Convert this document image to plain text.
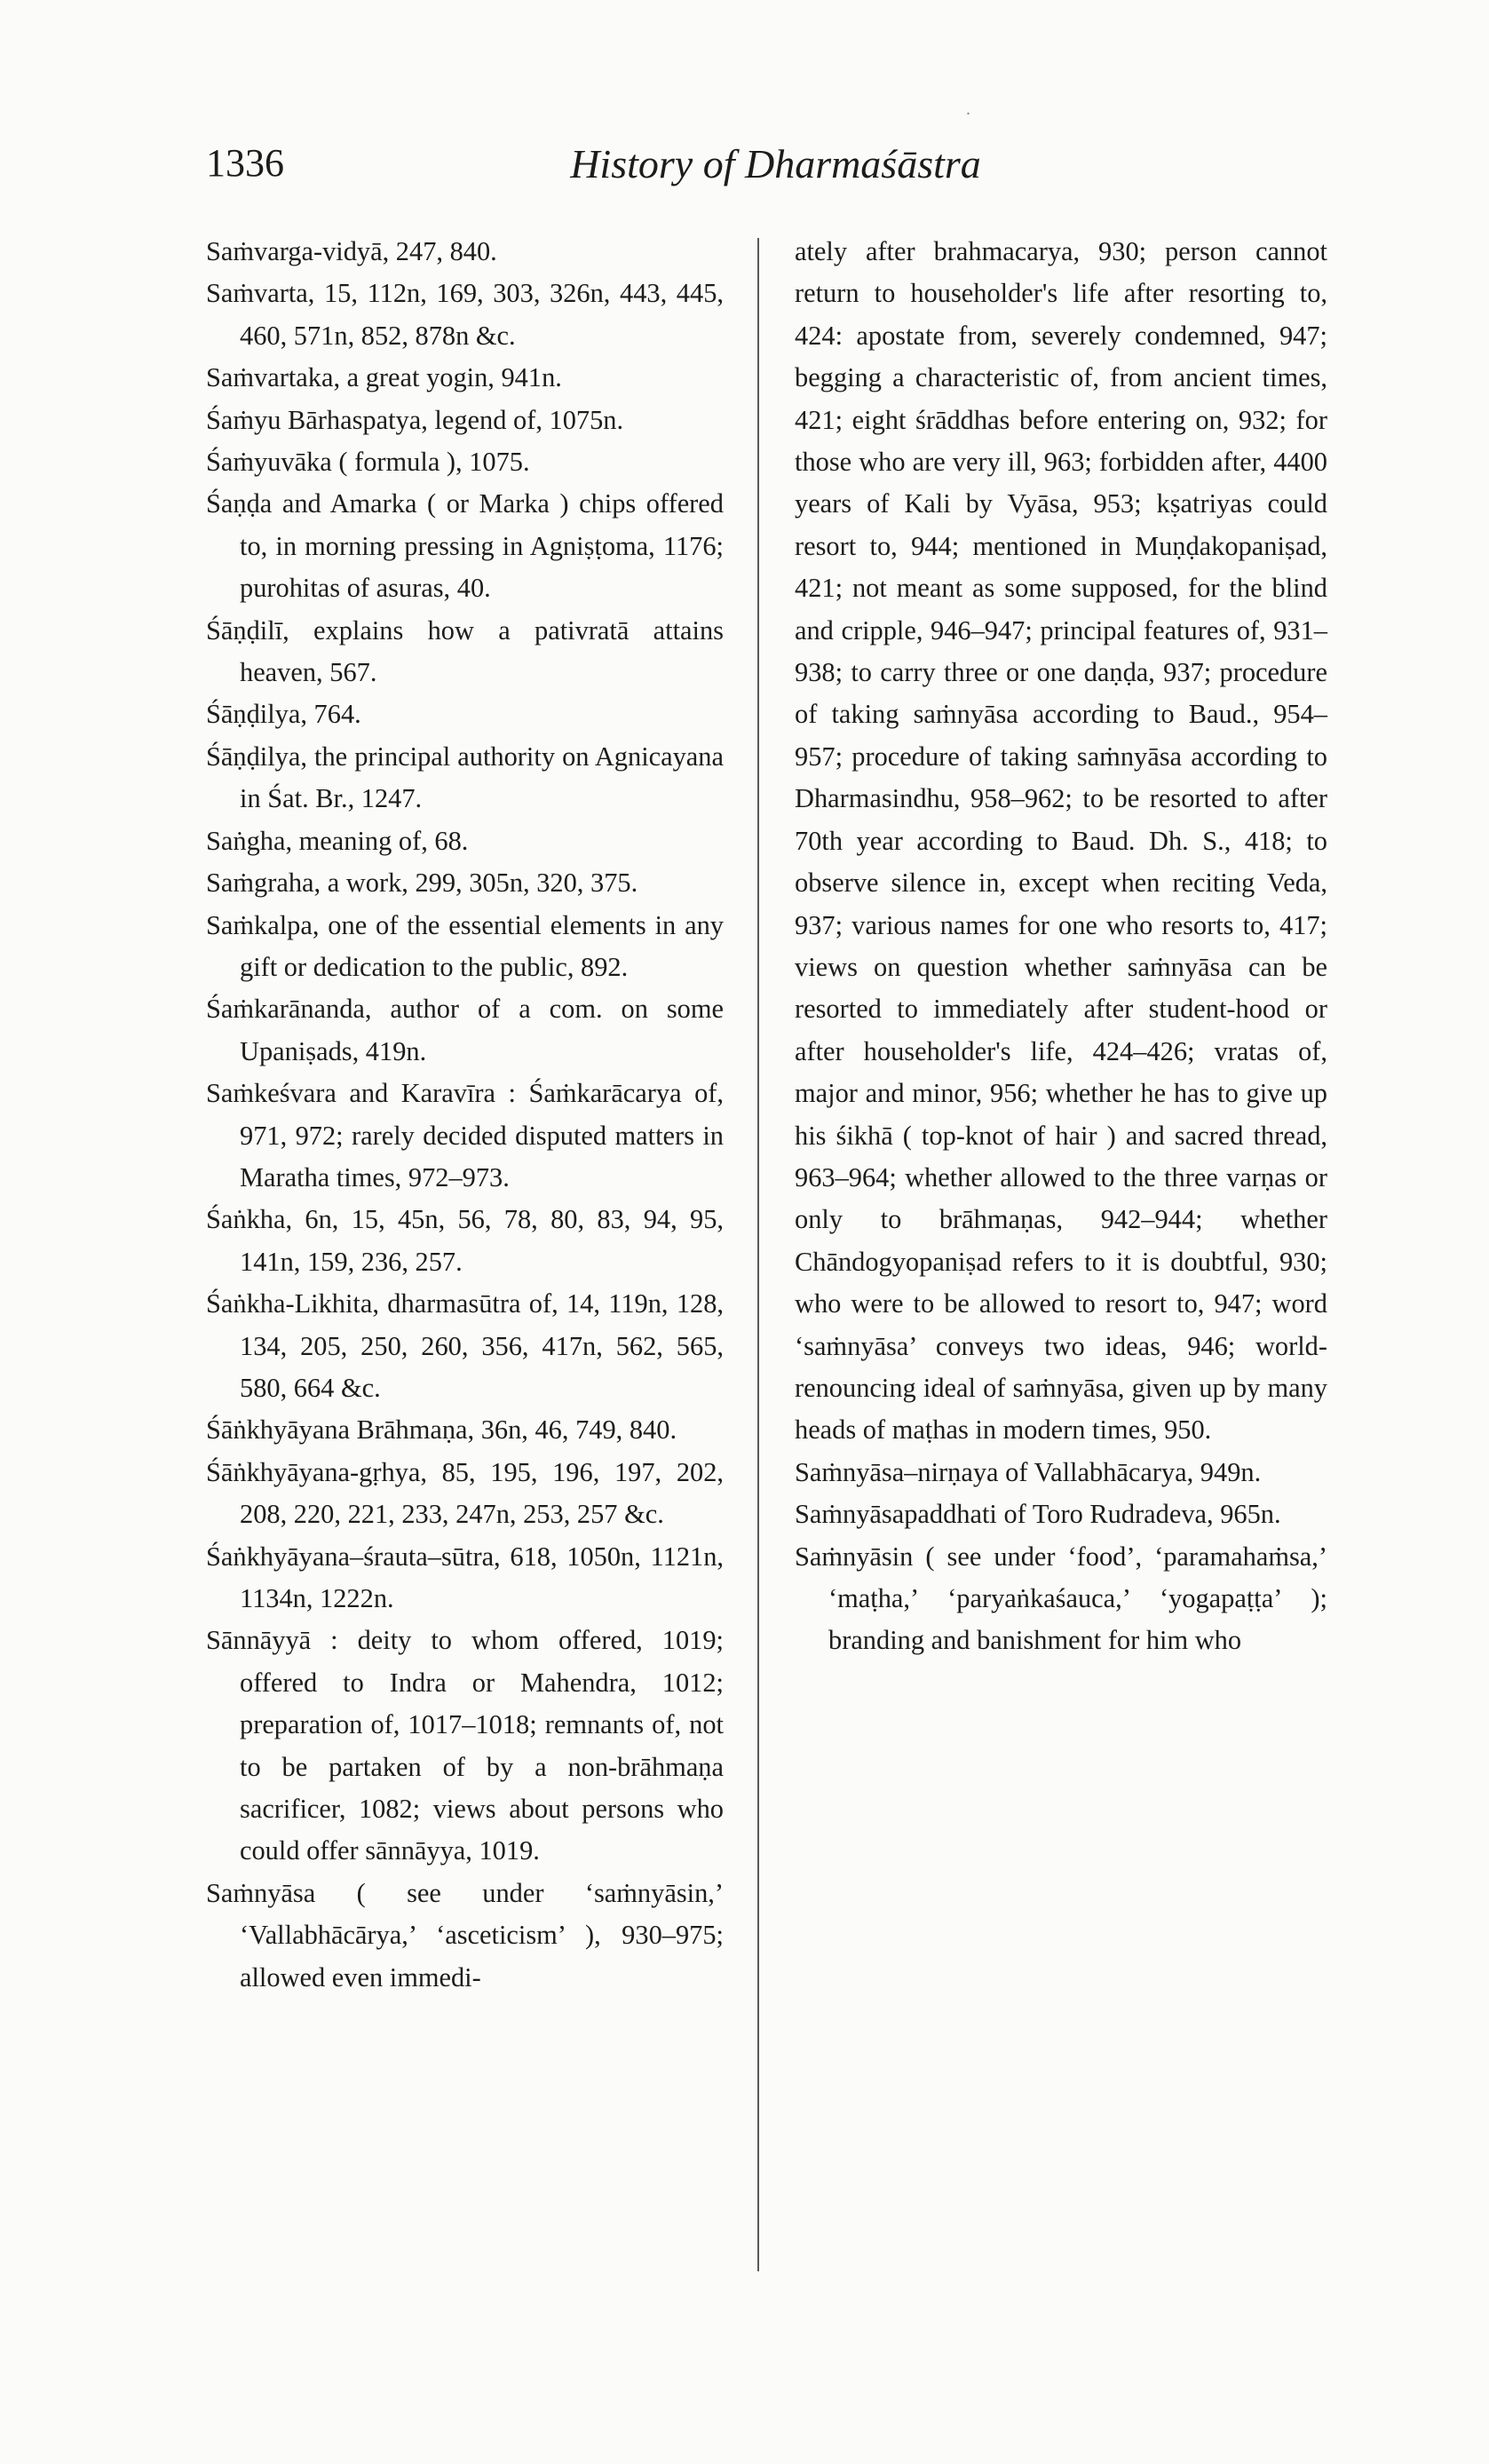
1336	History of Dharmaśāstra
.

Saṁvarga-vidyā, 247, 840.

Saṁvarta, 15, 112n, 169, 303, 326n, 443, 445, 460, 571n, 852, 878n &c.

Saṁvartaka, a great yogin, 941n.

Śaṁyu Bārhaspatya, legend of, 1075n.

Śaṁyuvāka ( formula ), 1075.

Śaṇḍa and Amarka ( or Marka ) chips offered to, in morning pressing in Agniṣṭoma, 1176; purohitas of asuras, 40.

Śāṇḍilī, explains how a pativratā attains heaven, 567.

Śāṇḍilya, 764.

Śāṇḍilya, the principal authority on Agnicayana in Śat. Br., 1247.

Saṅgha, meaning of, 68.

Saṁgraha, a work, 299, 305n, 320, 375.

Saṁkalpa, one of the essential elements in any gift or dedication to the public, 892.

Śaṁkarānanda, author of a com. on some Upaniṣads, 419n.

Saṁkeśvara and Karavīra : Śaṁkarācarya of, 971, 972; rarely decided disputed matters in Maratha times, 972–973.

Śaṅkha, 6n, 15, 45n, 56, 78, 80, 83, 94, 95, 141n, 159, 236, 257.

Śaṅkha-Likhita, dharmasūtra of, 14, 119n, 128, 134, 205, 250, 260, 356, 417n, 562, 565, 580, 664 &c.

Śāṅkhyāyana Brāhmaṇa, 36n, 46, 749, 840.

Śāṅkhyāyana-gṛhya, 85, 195, 196, 197, 202, 208, 220, 221, 233, 247n, 253, 257 &c.

Śaṅkhyāyana–śrauta–sūtra, 618, 1050n, 1121n, 1134n, 1222n.

Sānnāyyā : deity to whom offered, 1019; offered to Indra or Mahendra, 1012; preparation of, 1017–1018; remnants of, not to be partaken of by a non-brāhmaṇa sacrificer, 1082; views about persons who could offer sānnāyya, 1019.

Saṁnyāsa ( see under ‘saṁnyāsin,’ ‘Vallabhācārya,’ ‘asceticism’ ), 930–975; allowed even immedi-

ately after brahmacarya, 930; person cannot return to householder's life after resorting to, 424: apostate from, severely condemned, 947; begging a characteristic of, from ancient times, 421; eight śrāddhas before entering on, 932; for those who are very ill, 963; forbidden after, 4400 years of Kali by Vyāsa, 953; kṣatriyas could resort to, 944; mentioned in Muṇḍakopaniṣad, 421; not meant as some supposed, for the blind and cripple, 946–947; principal features of, 931–938; to carry three or one daṇḍa, 937; procedure of taking saṁnyāsa according to Baud., 954–957; procedure of taking saṁnyāsa according to Dharmasindhu, 958–962; to be resorted to after 70th year according to Baud. Dh. S., 418; to observe silence in, except when reciting Veda, 937; various names for one who resorts to, 417; views on question whether saṁnyāsa can be resorted to immediately after student-hood or after householder's life, 424–426; vratas of, major and minor, 956; whether he has to give up his śikhā ( top-knot of hair ) and sacred thread, 963–964; whether allowed to the three varṇas or only to brāhmaṇas, 942–944; whether Chāndogyopaniṣad refers to it is doubtful, 930; who were to be allowed to resort to, 947; word ‘saṁnyāsa’ conveys two ideas, 946; world-renouncing ideal of saṁnyāsa, given up by many heads of maṭhas in modern times, 950.

Saṁnyāsa–nirṇaya of Vallabhācarya, 949n.

Saṁnyāsapaddhati of Toro Rudradeva, 965n.

Saṁnyāsin ( see under ‘food’, ‘paramahaṁsa,’ ‘maṭha,’ ‘paryaṅkaśauca,’ ‘yogapaṭṭa’ ); branding and banishment for him who
